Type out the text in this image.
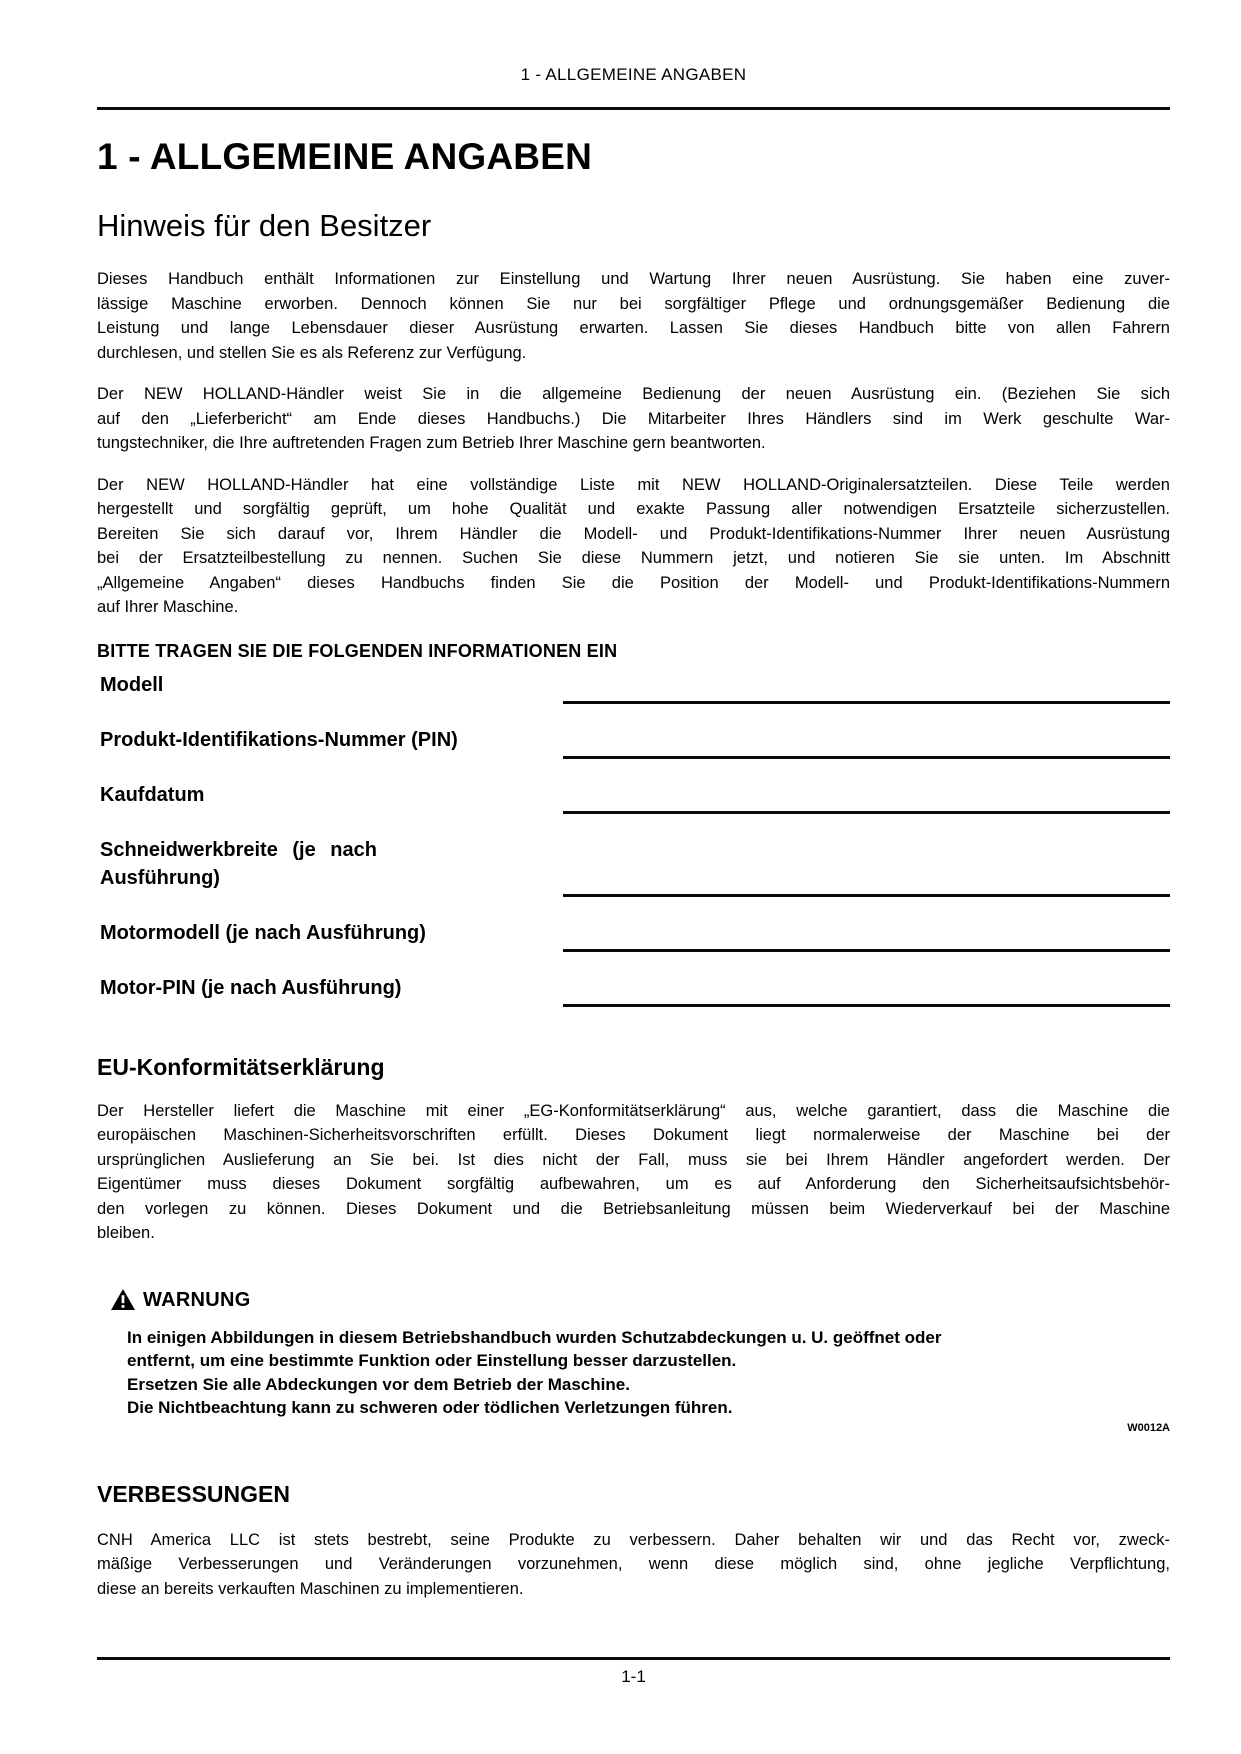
1 - ALLGEMEINE ANGABEN
1 - ALLGEMEINE ANGABEN
Hinweis für den Besitzer
Dieses Handbuch enthält Informationen zur Einstellung und Wartung Ihrer neuen Ausrüstung. Sie haben eine zuver-
lässige Maschine erworben. Dennoch können Sie nur bei sorgfältiger Pflege und ordnungsgemäßer Bedienung die
Leistung und lange Lebensdauer dieser Ausrüstung erwarten. Lassen Sie dieses Handbuch bitte von allen Fahrern
durchlesen, und stellen Sie es als Referenz zur Verfügung.
Der NEW HOLLAND-Händler weist Sie in die allgemeine Bedienung der neuen Ausrüstung ein. (Beziehen Sie sich
auf den „Lieferbericht“ am Ende dieses Handbuchs.) Die Mitarbeiter Ihres Händlers sind im Werk geschulte War-
tungstechniker, die Ihre auftretenden Fragen zum Betrieb Ihrer Maschine gern beantworten.
Der NEW HOLLAND-Händler hat eine vollständige Liste mit NEW HOLLAND-Originalersatzteilen. Diese Teile werden
hergestellt und sorgfältig geprüft, um hohe Qualität und exakte Passung aller notwendigen Ersatzteile sicherzustellen.
Bereiten Sie sich darauf vor, Ihrem Händler die Modell- und Produkt-Identifikations-Nummer Ihrer neuen Ausrüstung
bei der Ersatzteilbestellung zu nennen. Suchen Sie diese Nummern jetzt, und notieren Sie sie unten. Im Abschnitt
„Allgemeine Angaben“ dieses Handbuchs finden Sie die Position der Modell- und Produkt-Identifikations-Nummern
auf Ihrer Maschine.
BITTE TRAGEN SIE DIE FOLGENDEN INFORMATIONEN EIN
Modell
Produkt-Identifikations-Nummer (PIN)
Kaufdatum
Schneidwerkbreite (je nach
Ausführung)
Motormodell (je nach Ausführung)
Motor-PIN (je nach Ausführung)
EU-Konformitätserklärung
Der Hersteller liefert die Maschine mit einer „EG-Konformitätserklärung“ aus, welche garantiert, dass die Maschine die
europäischen Maschinen-Sicherheitsvorschriften erfüllt. Dieses Dokument liegt normalerweise der Maschine bei der
ursprünglichen Auslieferung an Sie bei. Ist dies nicht der Fall, muss sie bei Ihrem Händler angefordert werden. Der
Eigentümer muss dieses Dokument sorgfältig aufbewahren, um es auf Anforderung den Sicherheitsaufsichtsbehör-
den vorlegen zu können. Dieses Dokument und die Betriebsanleitung müssen beim Wiederverkauf bei der Maschine
bleiben.
WARNUNG
In einigen Abbildungen in diesem Betriebshandbuch wurden Schutzabdeckungen u. U. geöffnet oder
entfernt, um eine bestimmte Funktion oder Einstellung besser darzustellen.
Ersetzen Sie alle Abdeckungen vor dem Betrieb der Maschine.
Die Nichtbeachtung kann zu schweren oder tödlichen Verletzungen führen.
W0012A
VERBESSUNGEN
CNH America LLC ist stets bestrebt, seine Produkte zu verbessern. Daher behalten wir und das Recht vor, zweck-
mäßige Verbesserungen und Veränderungen vorzunehmen, wenn diese möglich sind, ohne jegliche Verpflichtung,
diese an bereits verkauften Maschinen zu implementieren.
1-1
